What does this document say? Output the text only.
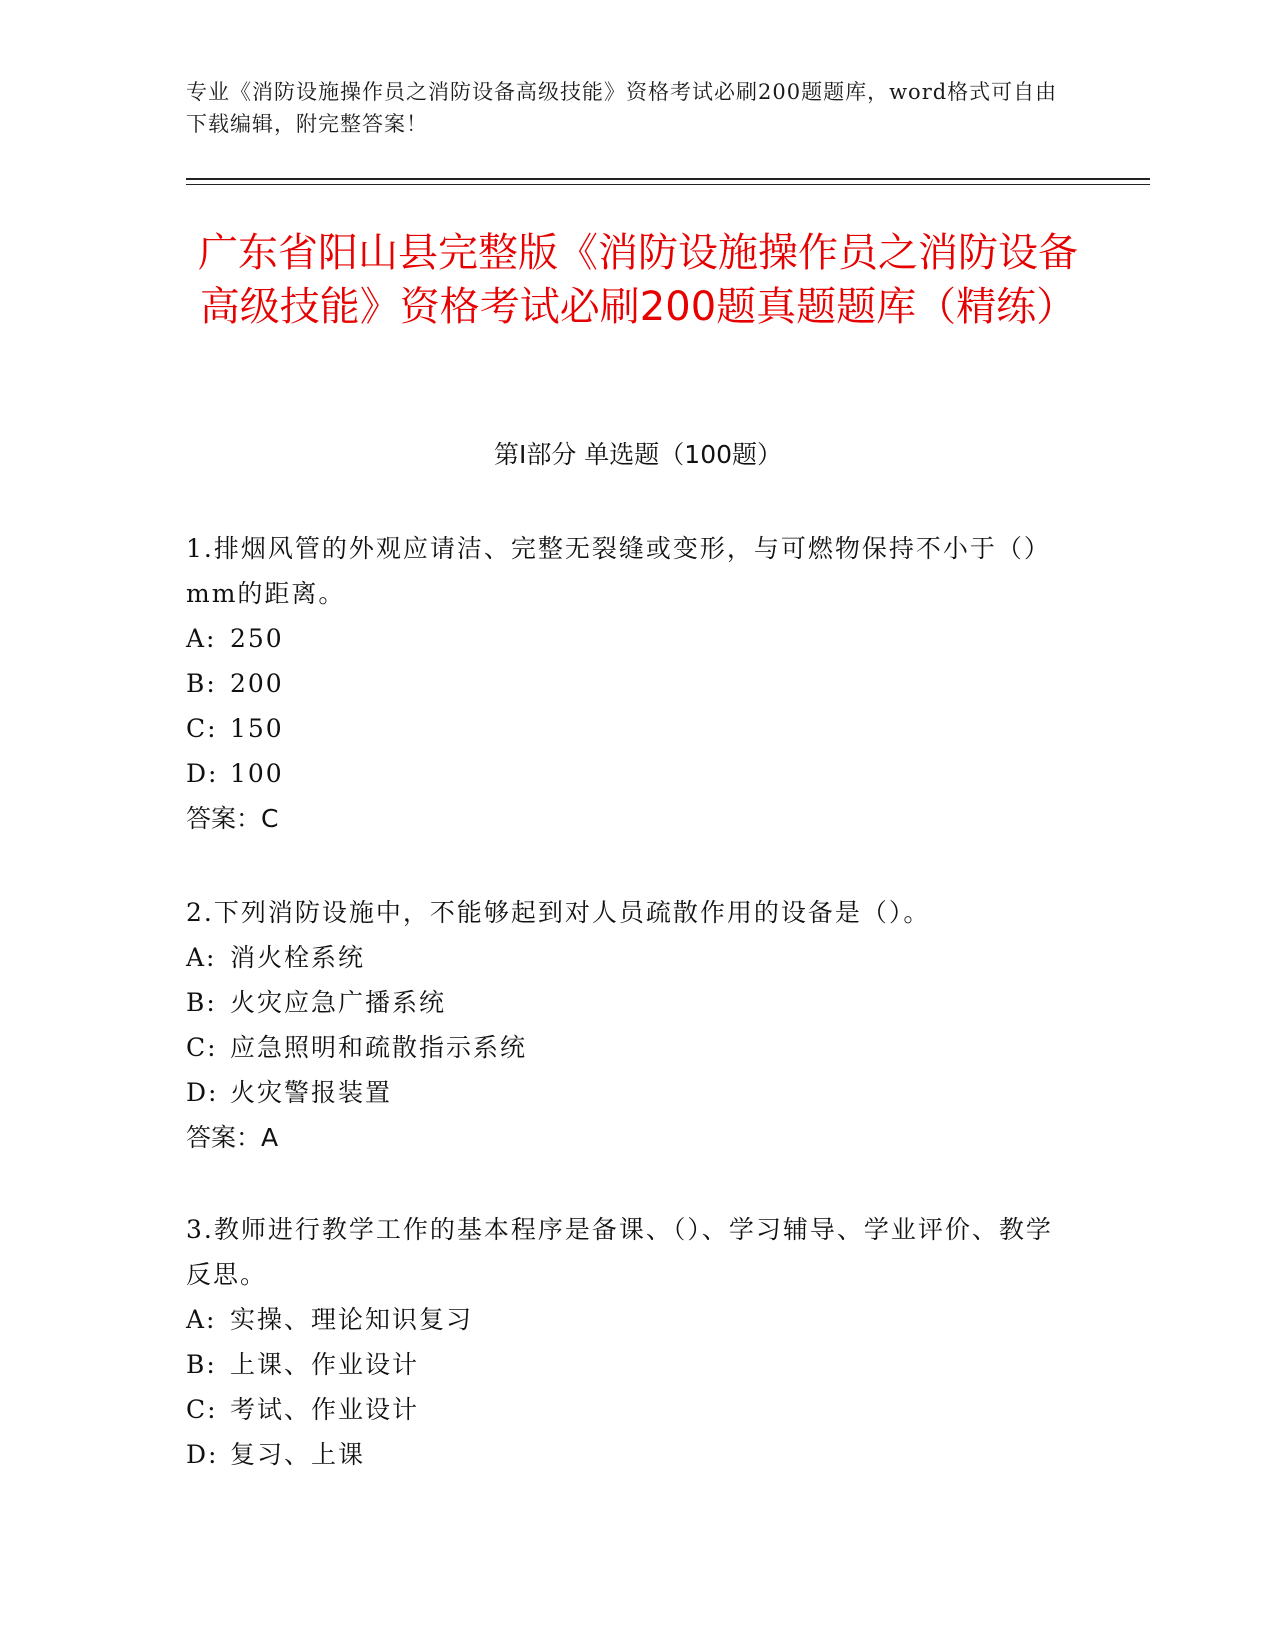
专业《消防设施操作员之消防设备高级技能》资格考试必刷200题题库，word格式可自由下载编辑，附完整答案！
广东省阳山县完整版《消防设施操作员之消防设备高级技能》资格考试必刷200题真题题库（精练）
第Ⅰ部分 单选题（100题）

1.排烟风管的外观应请洁、完整无裂缝或变形，与可燃物保持不小于（）mm的距离。

A: 250

B: 200

C: 150

D: 100

答案：C

2.下列消防设施中，不能够起到对人员疏散作用的设备是（）。

A: 消火栓系统

B: 火灾应急广播系统

C: 应急照明和疏散指示系统

D: 火灾警报装置

答案：A

3.教师进行教学工作的基本程序是备课、（）、学习辅导、学业评价、教学反思。

A: 实操、理论知识复习

B: 上课、作业设计

C: 考试、作业设计

D: 复习、上课
